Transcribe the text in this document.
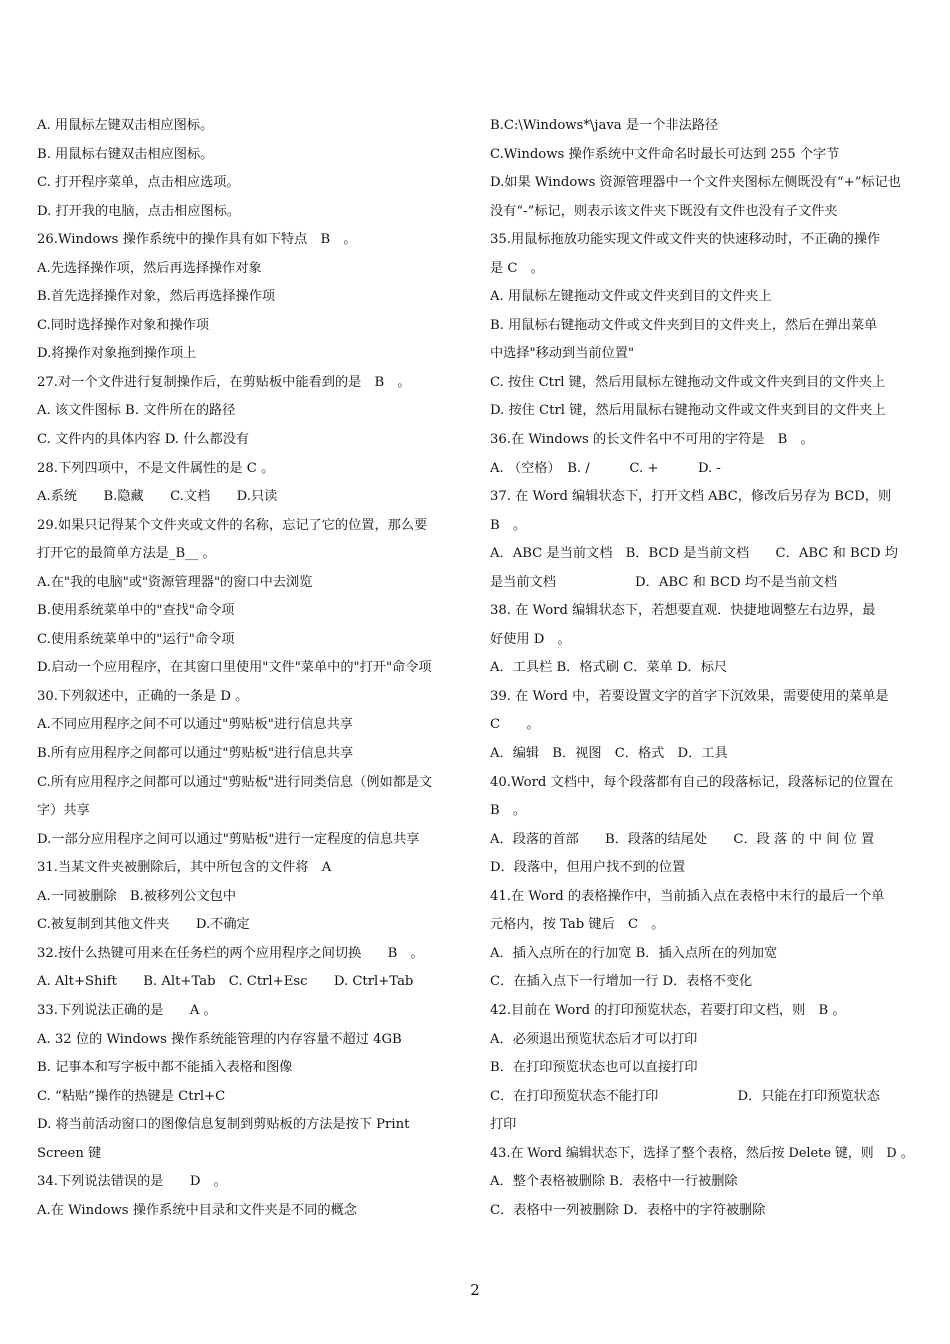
A. 用鼠标左键双击相应图标。
B. 用鼠标右键双击相应图标。
C. 打开程序菜单，点击相应选项。
D. 打开我的电脑，点击相应图标。
26.Windows 操作系统中的操作具有如下特点　B　。
A.先选择操作项，然后再选择操作对象
B.首先选择操作对象，然后再选择操作项
C.同时选择操作对象和操作项
D.将操作对象拖到操作项上
27.对一个文件进行复制操作后，在剪贴板中能看到的是　B　。
A. 该文件图标 B. 文件所在的路径
C. 文件内的具体内容 D. 什么都没有
28.下列四项中，不是文件属性的是 C 。
A.系统　　B.隐藏　　C.文档　　D.只读
29.如果只记得某个文件夹或文件的名称，忘记了它的位置，那么要
打开它的最简单方法是_B__ 。
A.在"我的电脑"或"资源管理器"的窗口中去浏览
B.使用系统菜单中的"查找"命令项
C.使用系统菜单中的"运行"命令项
D.启动一个应用程序，在其窗口里使用"文件"菜单中的"打开"命令项
30.下列叙述中，正确的一条是 D 。
A.不同应用程序之间不可以通过"剪贴板"进行信息共享
B.所有应用程序之间都可以通过"剪贴板"进行信息共享
C.所有应用程序之间都可以通过"剪贴板"进行同类信息（例如都是文
字）共享
D.一部分应用程序之间可以通过"剪贴板"进行一定程度的信息共享
31.当某文件夹被删除后，其中所包含的文件将　A
A.一同被删除　B.被移列公文包中
C.被复制到其他文件夹　　D.不确定
32.按什么热键可用来在任务栏的两个应用程序之间切换　　B　。
A. Alt+Shift　　B. Alt+Tab　C. Ctrl+Esc　　D. Ctrl+Tab
33.下列说法正确的是　　A 。
A. 32 位的 Windows 操作系统能管理的内存容量不超过 4GB
B. 记事本和写字板中都不能插入表格和图像
C. “粘贴”操作的热键是 Ctrl+C
D. 将当前活动窗口的图像信息复制到剪贴板的方法是按下 Print
Screen 键
34.下列说法错误的是　　D　。
A.在 Windows 操作系统中目录和文件夹是不同的概念
B.C:\Windows*\java 是一个非法路径
C.Windows 操作系统中文件命名时最长可达到 255 个字节
D.如果 Windows 资源管理器中一个文件夹图标左侧既没有“+”标记也
没有“-”标记，则表示该文件夹下既没有文件也没有子文件夹
35.用鼠标拖放功能实现文件或文件夹的快速移动时，不正确的操作
是 C　。
A. 用鼠标左键拖动文件或文件夹到目的文件夹上
B. 用鼠标右键拖动文件或文件夹到目的文件夹上，然后在弹出菜单
中选择"移动到当前位置"
C. 按住 Ctrl 键，然后用鼠标左键拖动文件或文件夹到目的文件夹上
D. 按住 Ctrl 键，然后用鼠标右键拖动文件或文件夹到目的文件夹上
36.在 Windows 的长文件名中不可用的字符是　B　。
A. （空格）　B. /　　　C. +　　　D. -
37. 在 Word 编辑状态下，打开文档 ABC，修改后另存为 BCD，则
B　。
A．ABC 是当前文档　B．BCD 是当前文档　　C．ABC 和 BCD 均
是当前文档　　　　　　D．ABC 和 BCD 均不是当前文档
38. 在 Word 编辑状态下，若想要直观．快捷地调整左右边界，最
好使用 D　。
A．工具栏 B．格式刷 C．菜单 D．标尺
39. 在 Word 中，若要设置文字的首字下沉效果，需要使用的菜单是
C　　。
A．编辑　B．视图　C．格式　D．工具
40.Word 文档中，每个段落都有自己的段落标记，段落标记的位置在
B　。
A．段落的首部　　B．段落的结尾处　　C．段 落 的 中 间 位 置
D．段落中，但用户找不到的位置
41.在 Word 的表格操作中，当前插入点在表格中末行的最后一个单
元格内，按 Tab 键后　C　。
A．插入点所在的行加宽 B．插入点所在的列加宽
C．在插入点下一行增加一行 D．表格不变化
42.目前在 Word 的打印预览状态，若要打印文档，则　B 。
A．必须退出预览状态后才可以打印
B．在打印预览状态也可以直接打印
C．在打印预览状态不能打印　　　　　　D．只能在打印预览状态
打印
43.在 Word 编辑状态下，选择了整个表格，然后按 Delete 键，则　D 。
A．整个表格被删除 B．表格中一行被删除
C．表格中一列被删除 D．表格中的字符被删除
2
